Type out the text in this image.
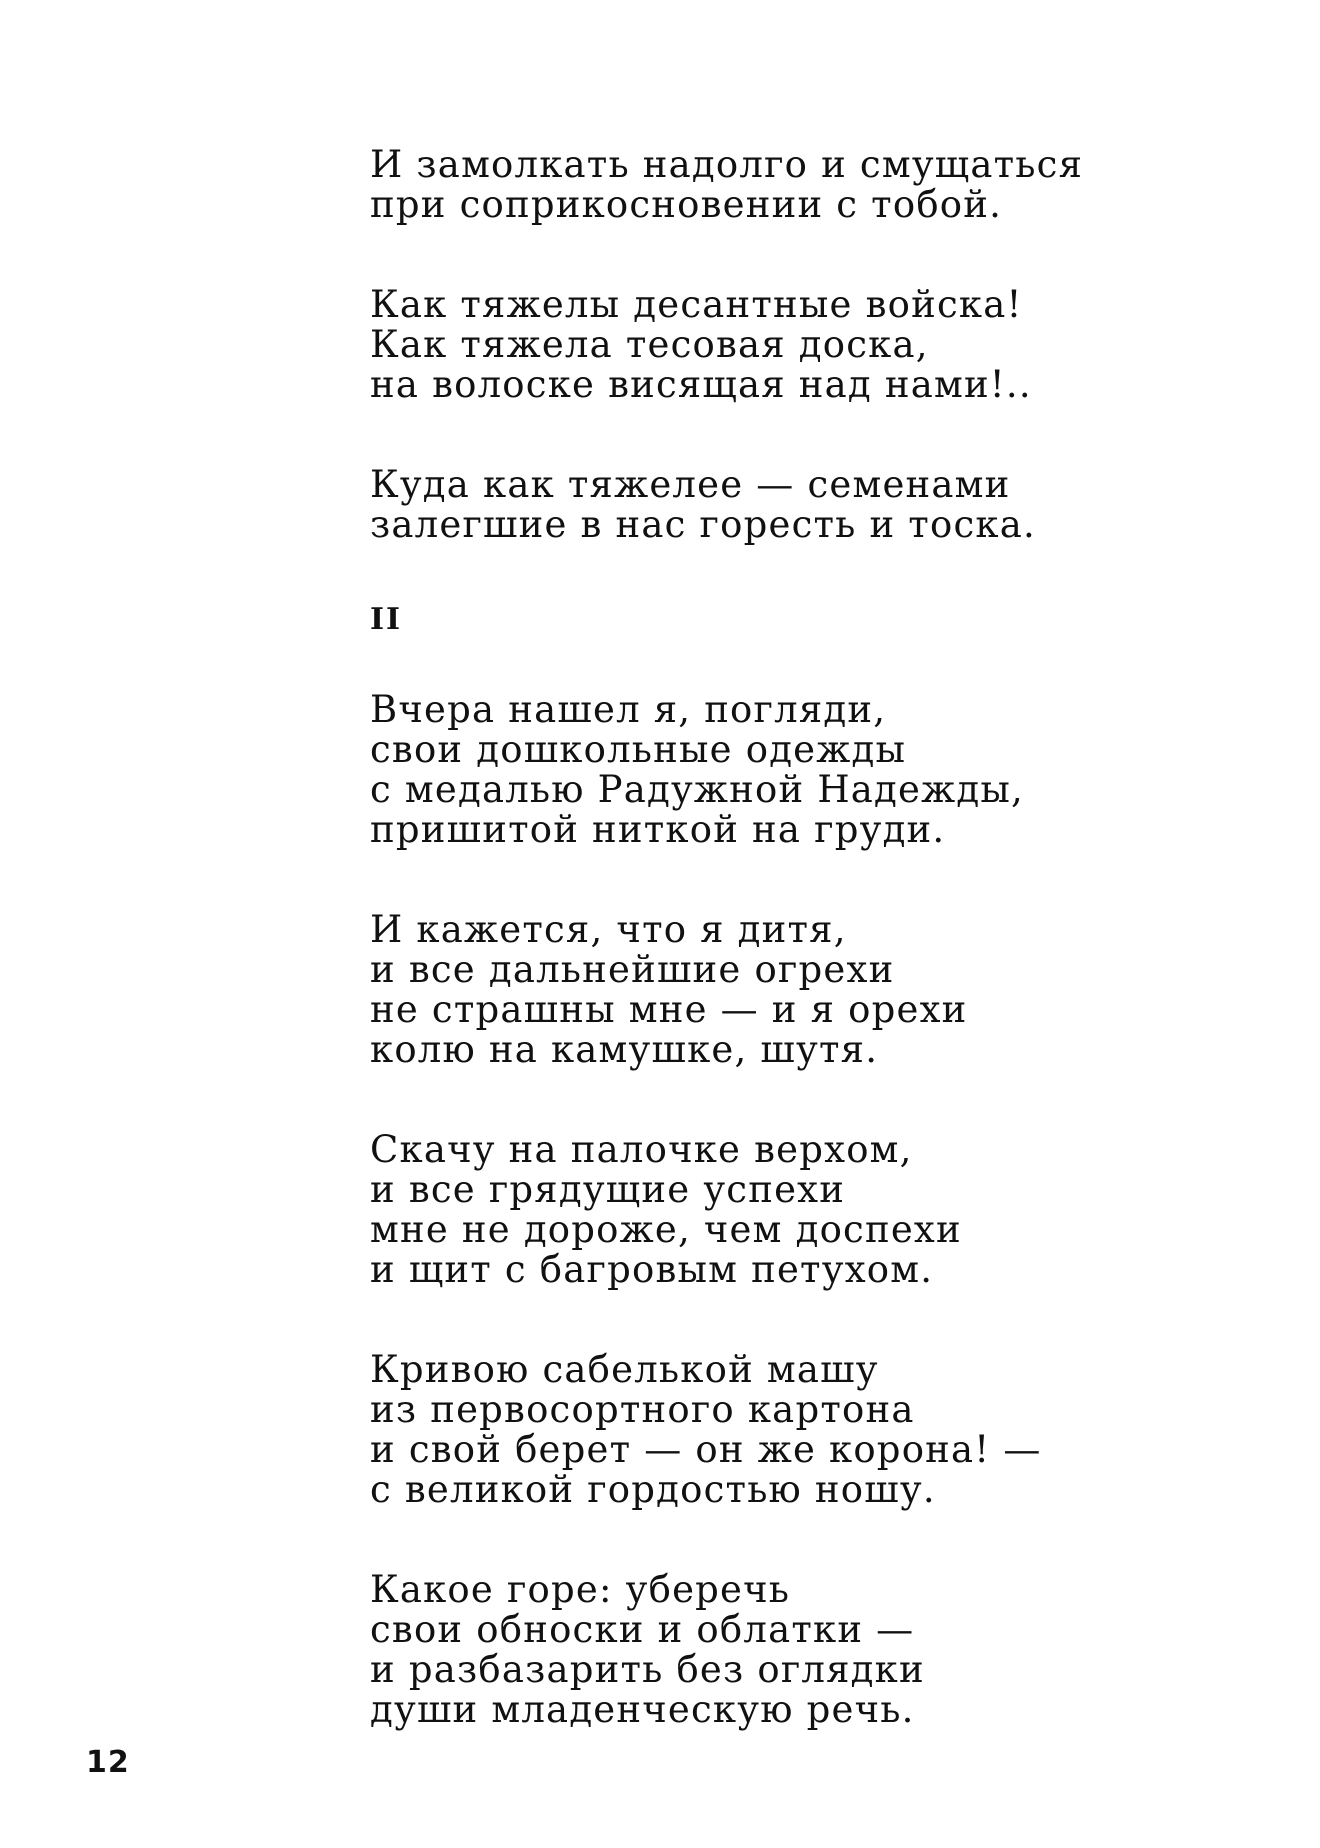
И замолкать надолго и смущаться
при соприкосновении с тобой.
Как тяжелы десантные войска!
Как тяжела тесовая доска,
на волоске висящая над нами!..
Куда как тяжелее — семенами
залегшие в нас горесть и тоска.
II
Вчера нашел я, погляди,
свои дошкольные одежды
с медалью Радужной Надежды,
пришитой ниткой на груди.
И кажется, что я дитя,
и все дальнейшие огрехи
не страшны мне — и я орехи
колю на камушке, шутя.
Скачу на палочке верхом,
и все грядущие успехи
мне не дороже, чем доспехи
и щит с багровым петухом.
Кривою сабелькой машу
из первосортного картона
и свой берет — он же корона! —
с великой гордостью ношу.
Какое горе: уберечь
свои обноски и облатки —
и разбазарить без оглядки
души младенческую речь.
12
